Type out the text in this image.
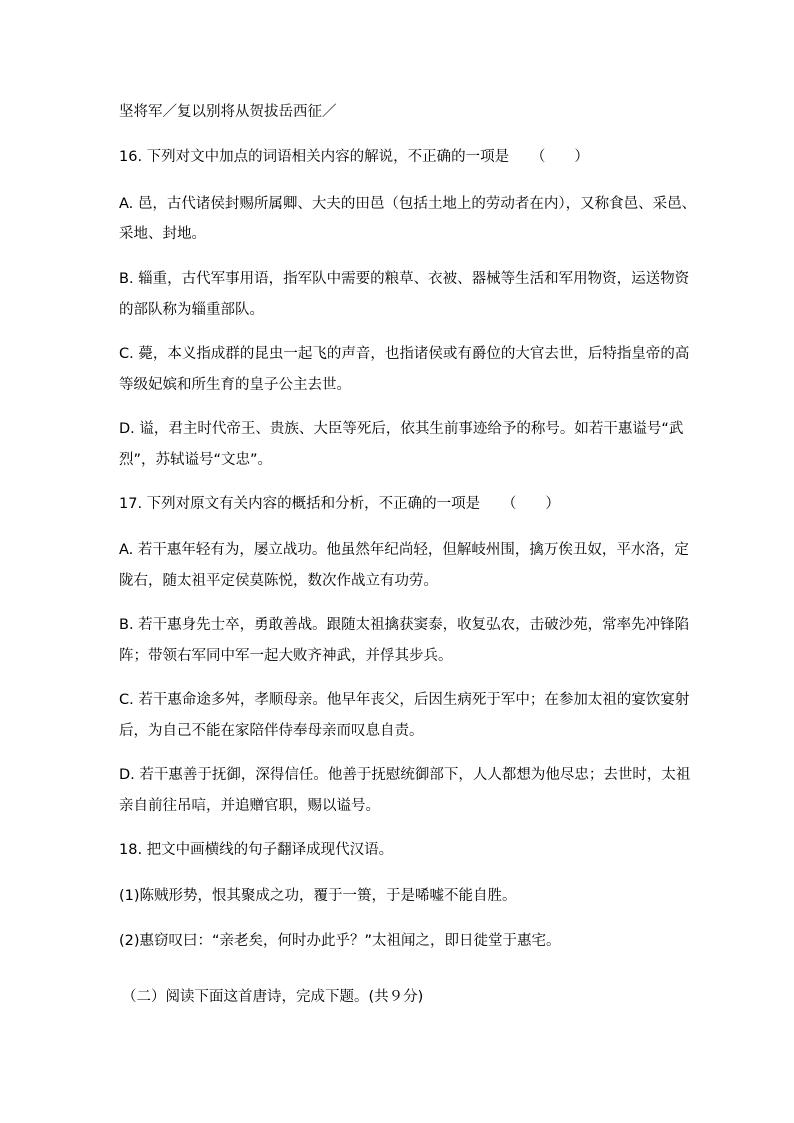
坚将军／复以别将从贺拔岳西征／
16. 下列对文中加点的词语相关内容的解说，不正确的一项是　　（　　）
A. 邑，古代诸侯封赐所属卿、大夫的田邑（包括土地上的劳动者在内），又称食邑、采邑、
采地、封地。
B. 辎重，古代军事用语，指军队中需要的粮草、衣被、器械等生活和军用物资，运送物资
的部队称为辎重部队。
C. 薨，本义指成群的昆虫一起飞的声音，也指诸侯或有爵位的大官去世，后特指皇帝的高
等级妃嫔和所生育的皇子公主去世。
D. 谥，君主时代帝王、贵族、大臣等死后，依其生前事迹给予的称号。如若干惠谥号“武
烈”，苏轼谥号“文忠”。
17. 下列对原文有关内容的概括和分析，不正确的一项是　　（　　）
A. 若干惠年轻有为，屡立战功。他虽然年纪尚轻，但解岐州围，擒万俟丑奴，平水洛，定
陇右，随太祖平定侯莫陈悦，数次作战立有功劳。
B. 若干惠身先士卒，勇敢善战。跟随太祖擒获窦泰，收复弘农，击破沙苑，常率先冲锋陷
阵；带领右军同中军一起大败齐神武，并俘其步兵。
C. 若干惠命途多舛，孝顺母亲。他早年丧父，后因生病死于军中；在参加太祖的宴饮宴射
后，为自己不能在家陪伴侍奉母亲而叹息自责。
D. 若干惠善于抚御，深得信任。他善于抚慰统御部下，人人都想为他尽忠；去世时，太祖
亲自前往吊唁，并追赠官职，赐以谥号。
18. 把文中画横线的句子翻译成现代汉语。
(1)陈贼形势，恨其聚成之功，覆于一篑，于是唏嘘不能自胜。
(2)惠窃叹曰：“亲老矣，何时办此乎？”太祖闻之，即日徙堂于惠宅。
（二）阅读下面这首唐诗，完成下题。(共９分)
